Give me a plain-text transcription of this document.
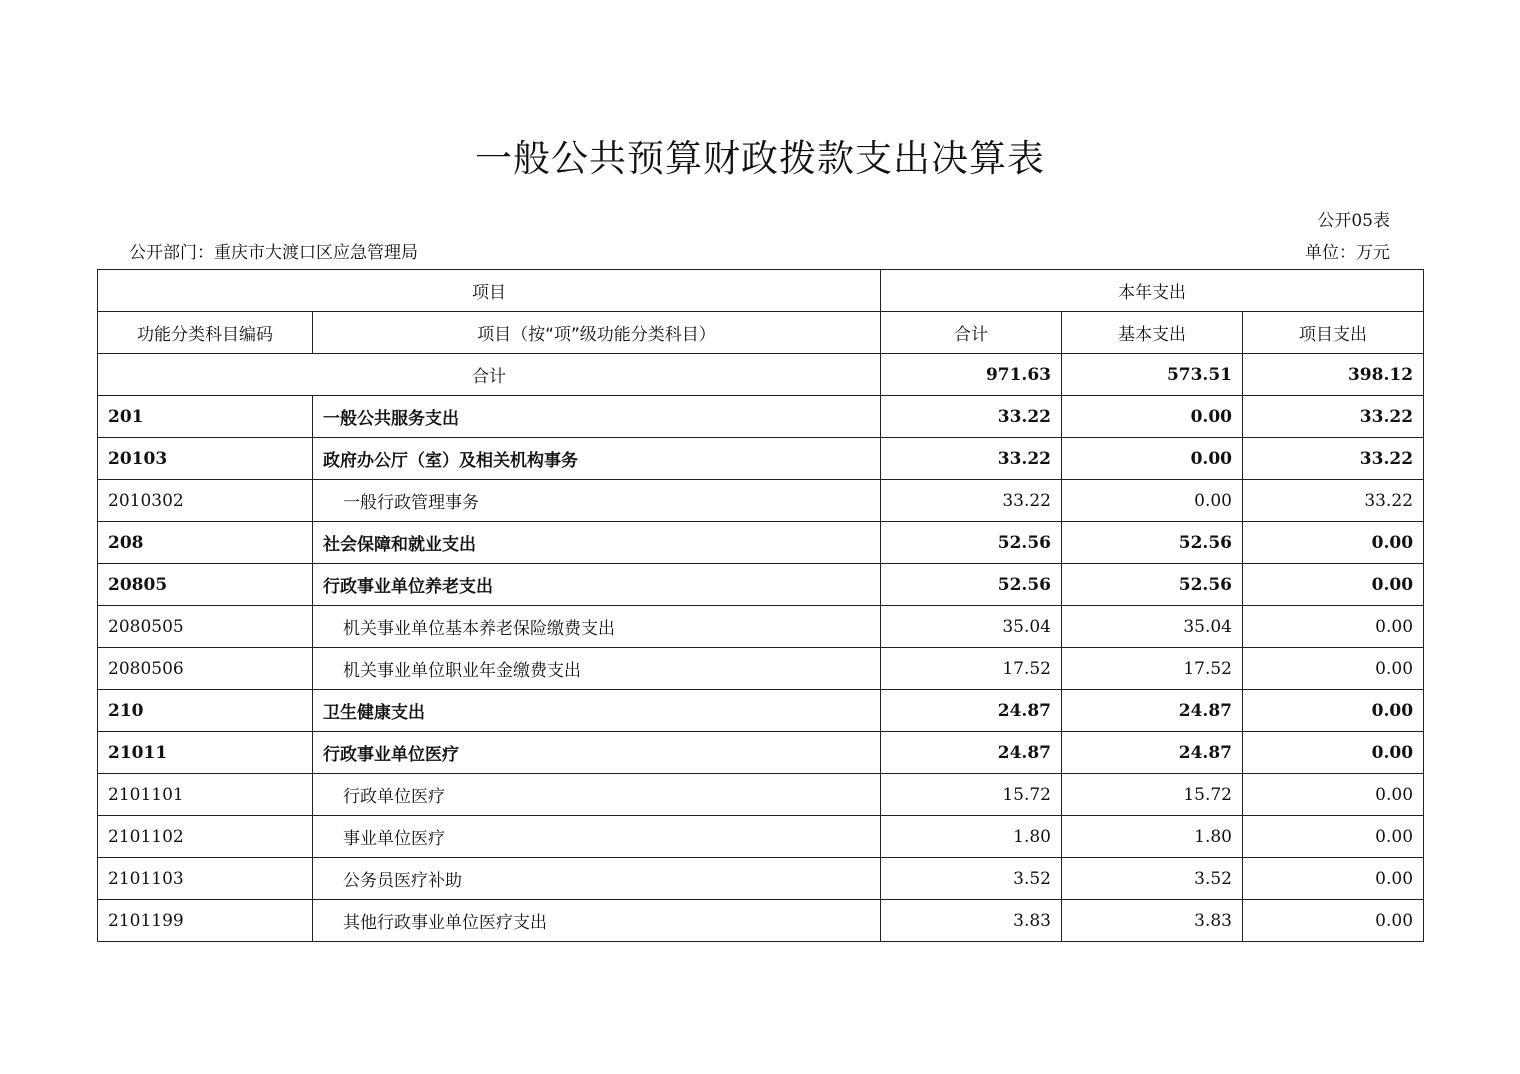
一般公共预算财政拨款支出决算表
公开05表
公开部门：重庆市大渡口区应急管理局	单位：万元
项目		本年支出		
功能分类科目编码	项目（按“项”级功能分类科目）	合计	基本支出	项目支出
合计		971.63	573.51	398.12
201	一般公共服务支出	33.22	0.00	33.22
20103	政府办公厅（室）及相关机构事务	33.22	0.00	33.22
2010302	一般行政管理事务	33.22	0.00	33.22
208	社会保障和就业支出	52.56	52.56	0.00
20805	行政事业单位养老支出	52.56	52.56	0.00
2080505	机关事业单位基本养老保险缴费支出	35.04	35.04	0.00
2080506	机关事业单位职业年金缴费支出	17.52	17.52	0.00
210	卫生健康支出	24.87	24.87	0.00
21011	行政事业单位医疗	24.87	24.87	0.00
2101101	行政单位医疗	15.72	15.72	0.00
2101102	事业单位医疗	1.80	1.80	0.00
2101103	公务员医疗补助	3.52	3.52	0.00
2101199	其他行政事业单位医疗支出	3.83	3.83	0.00
